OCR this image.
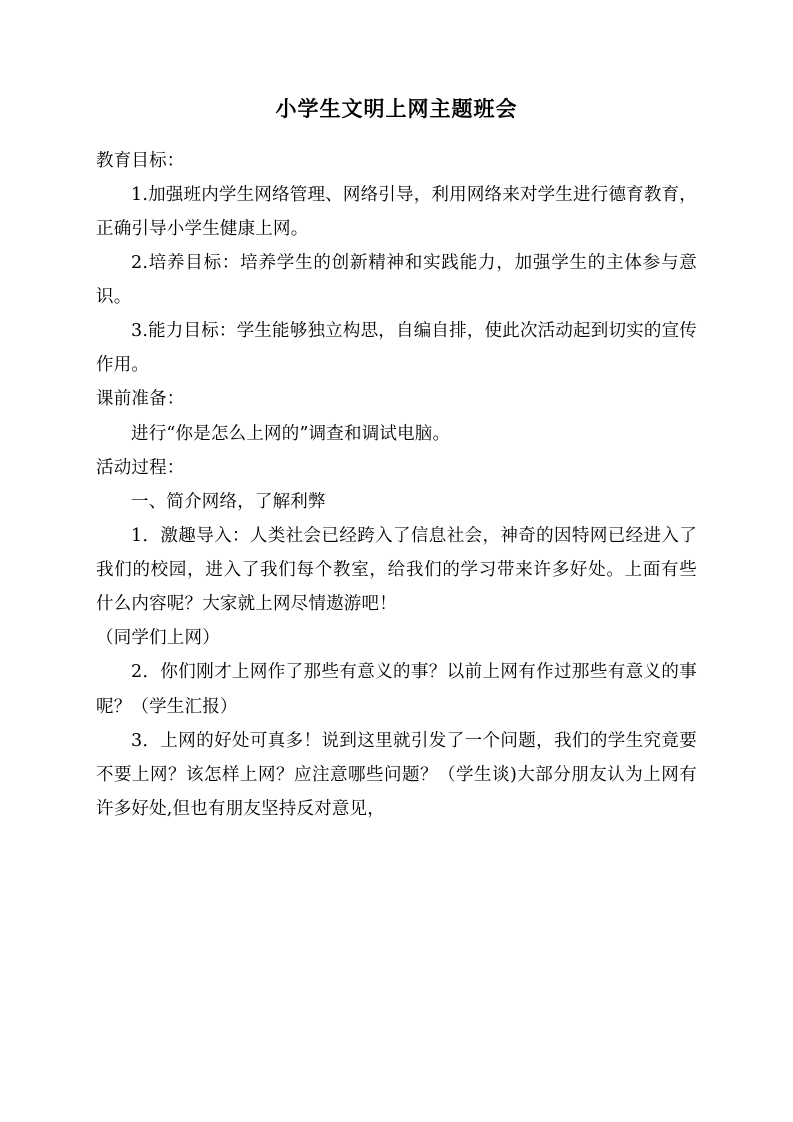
小学生文明上网主题班会

教育目标：

1.加强班内学生网络管理、网络引导，利用网络来对学生进行德育教育，正确引导小学生健康上网。

2.培养目标：培养学生的创新精神和实践能力，加强学生的主体参与意识。

3.能力目标：学生能够独立构思，自编自排，使此次活动起到切实的宣传作用。

课前准备：

进行“你是怎么上网的”调查和调试电脑。

活动过程：

一、简介网络，了解利弊

1．激趣导入：人类社会已经跨入了信息社会，神奇的因特网已经进入了我们的校园，进入了我们每个教室，给我们的学习带来许多好处。上面有些什么内容呢？大家就上网尽情遨游吧！

（同学们上网）

2．你们刚才上网作了那些有意义的事？以前上网有作过那些有意义的事呢？（学生汇报）

3．上网的好处可真多！说到这里就引发了一个问题，我们的学生究竟要不要上网？该怎样上网？应注意哪些问题？（学生谈)大部分朋友认为上网有许多好处,但也有朋友坚持反对意见，
